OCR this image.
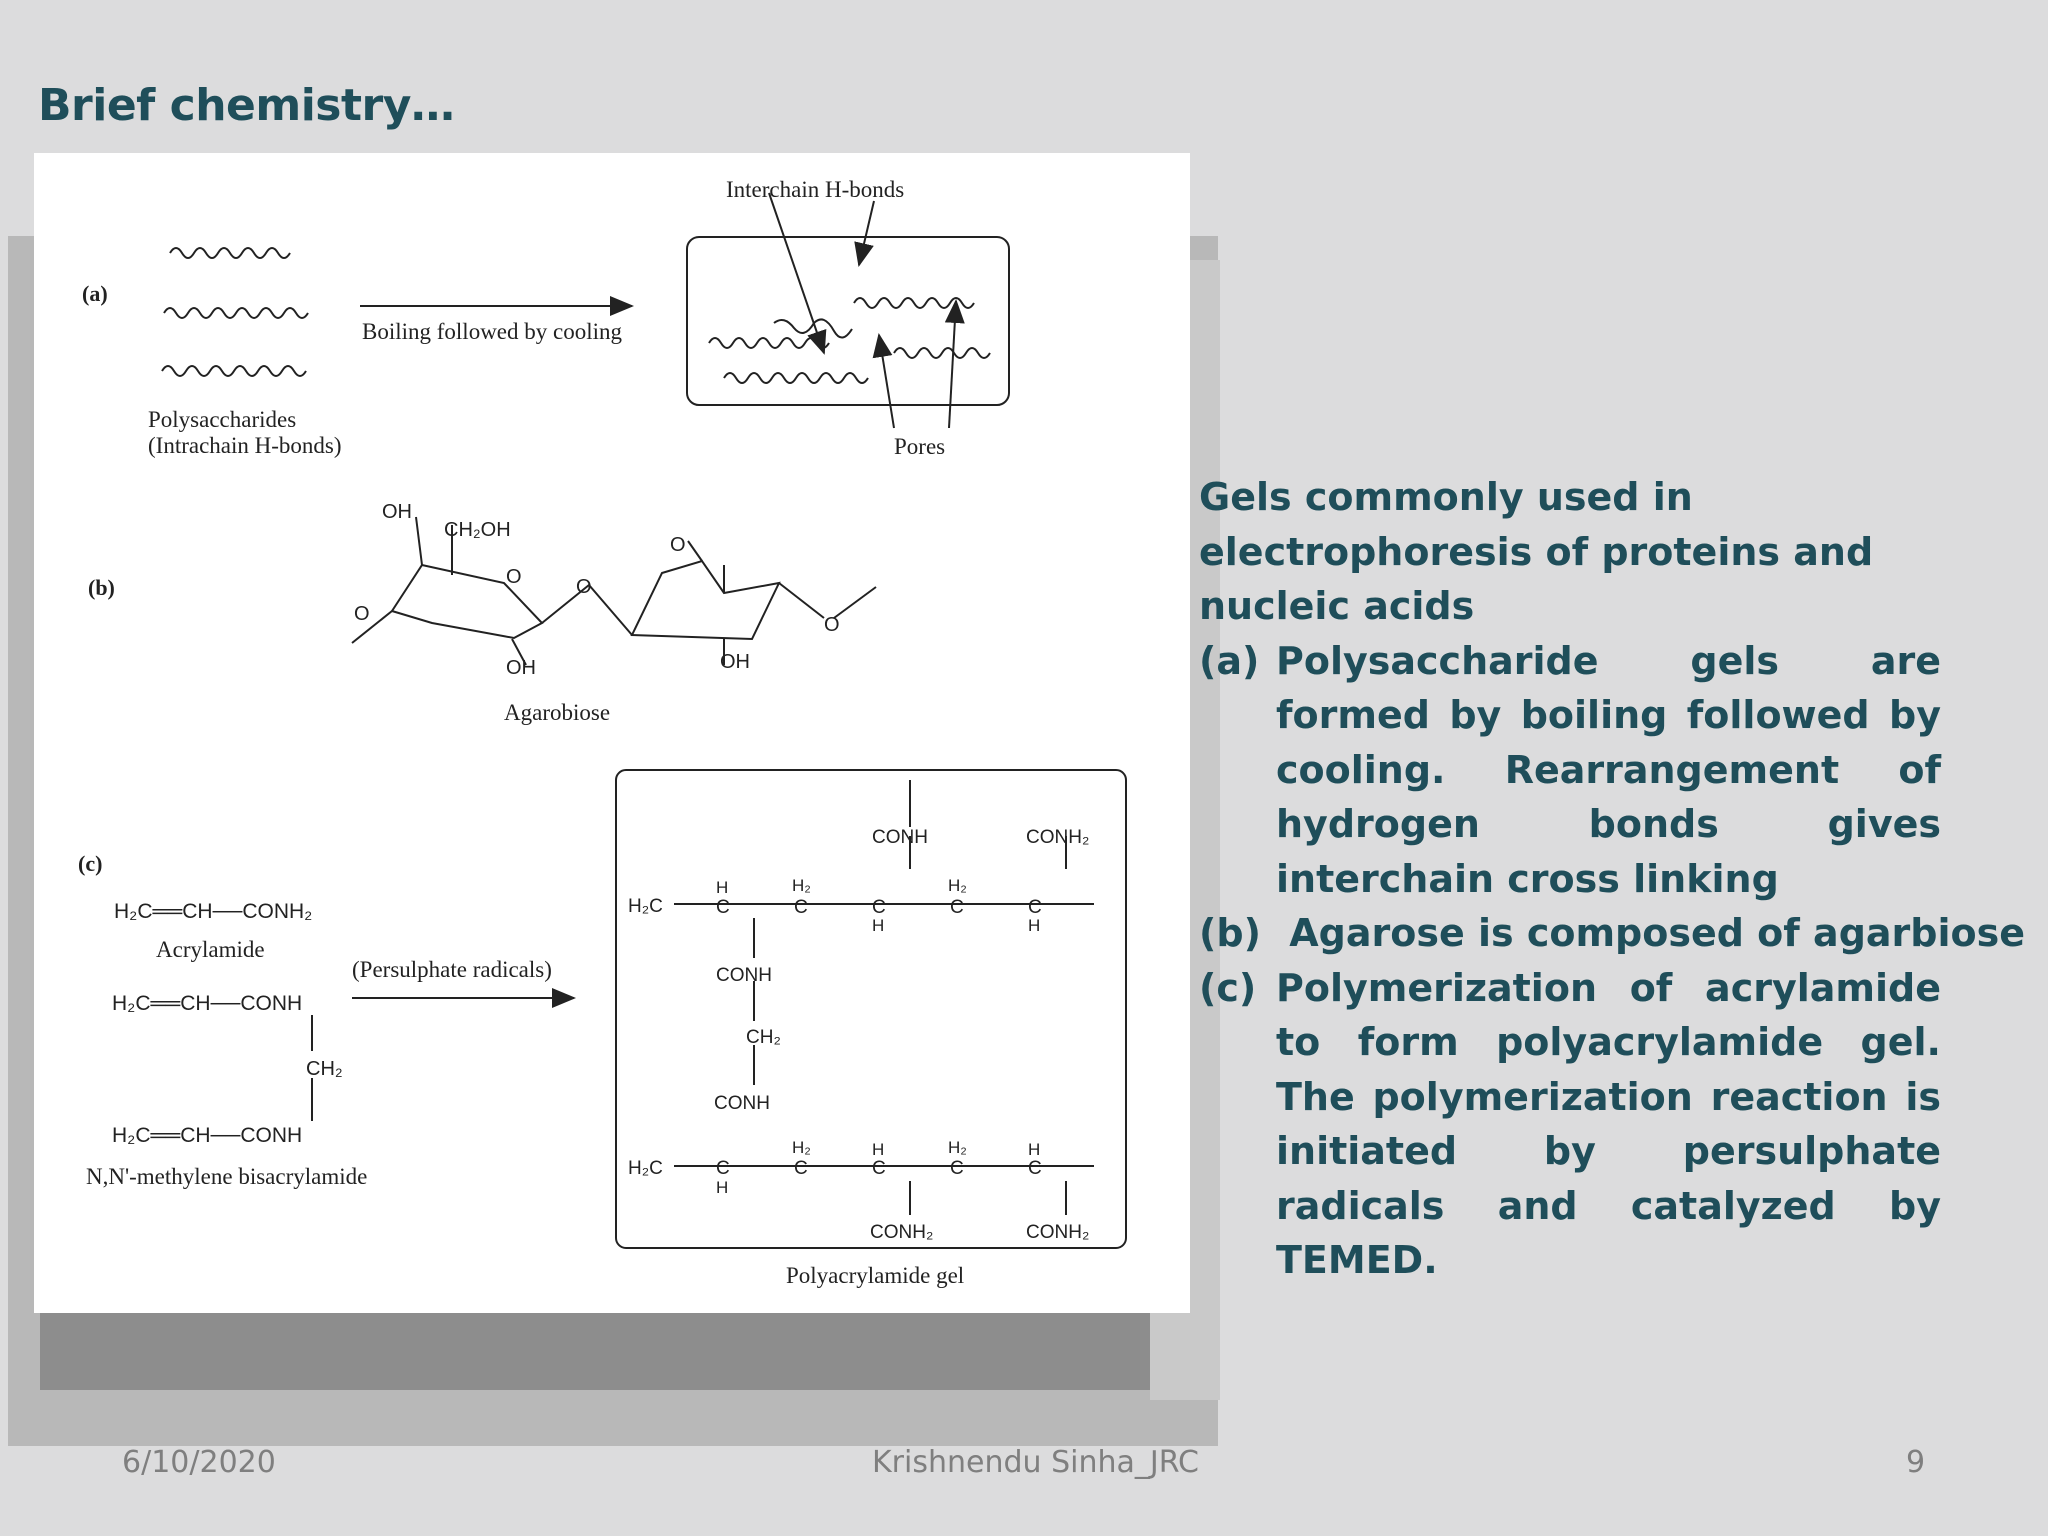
Brief chemistry…
(a)
Boiling followed by cooling
Polysaccharides
(Intrachain H-bonds)
Interchain H-bonds
Pores
(b)
OH
CH₂OH
O	O
O
O
O
OH	OH
Agarobiose
(c)
H₂C══CH──CONH₂
Acrylamide
(Persulphate radicals)
H₂C══CH──CONH
CH₂
H₂C══CH──CONH
N,N'-methylene bisacrylamide
Polyacrylamide gel
H₂C
H
C
H₂
C
CONH
C
H
H₂
C
CONH₂
C
H
CONH
CH₂
CONH
H₂C	C
H
H₂
C
H
C
H₂
C
H
C
CONH₂	CONH₂

Gels commonly used in electrophoresis of proteins and nucleic acids

(a) Polysaccharide gels are formed by boiling followed by cooling. Rearrangement of hydrogen bonds gives interchain cross linking
(b) Agarose is composed of agarbiose
(c) Polymerization of acrylamide to form polyacrylamide gel. The polymerization reaction is initiated by persulphate radicals and catalyzed by TEMED.
6/10/2020	Krishnendu Sinha_JRC	9
